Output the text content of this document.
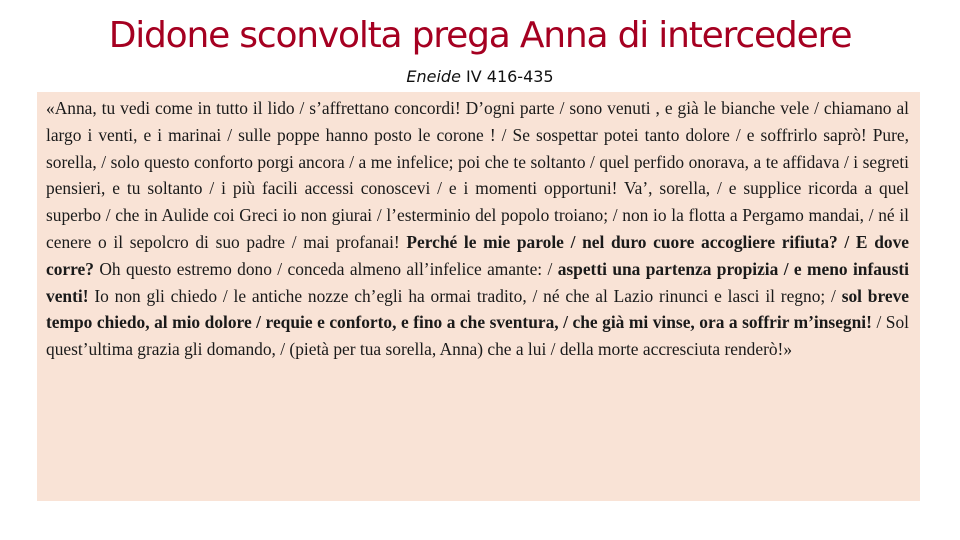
Didone sconvolta prega Anna di intercedere
Eneide IV 416-435

«Anna, tu vedi come in tutto il lido / s’affrettano concordi! D’ogni parte / sono venuti , e già le bianche vele / chiamano al largo i venti, e i marinai / sulle poppe hanno posto le corone ! / Se sospettar potei tanto dolore / e soffrirlo saprò! Pure, sorella, / solo questo conforto porgi ancora / a me infelice; poi che te soltanto / quel perfido onorava, a te affidava / i segreti pensieri, e tu soltanto / i più facili accessi conoscevi / e i momenti opportuni! Va’, sorella, / e supplice ricorda a quel superbo / che in Aulide coi Greci io non giurai / l’esterminio del popolo troiano; / non io la flotta a Pergamo mandai, / né il cenere o il sepolcro di suo padre / mai profanai! Perché le mie parole / nel duro cuore accogliere rifiuta? / E dove corre? Oh questo estremo dono / conceda almeno all’infelice amante: / aspetti una partenza propizia / e meno infausti venti! Io non gli chiedo / le antiche nozze ch’egli ha ormai tradito, / né che al Lazio rinunci e lasci il regno; / sol breve tempo chiedo, al mio dolore / requie e conforto, e fino a che sventura, / che già mi vinse, ora a soffrir m’insegni! / Sol quest’ultima grazia gli domando, / (pietà per tua sorella, Anna) che a lui / della morte accresciuta renderò!»
